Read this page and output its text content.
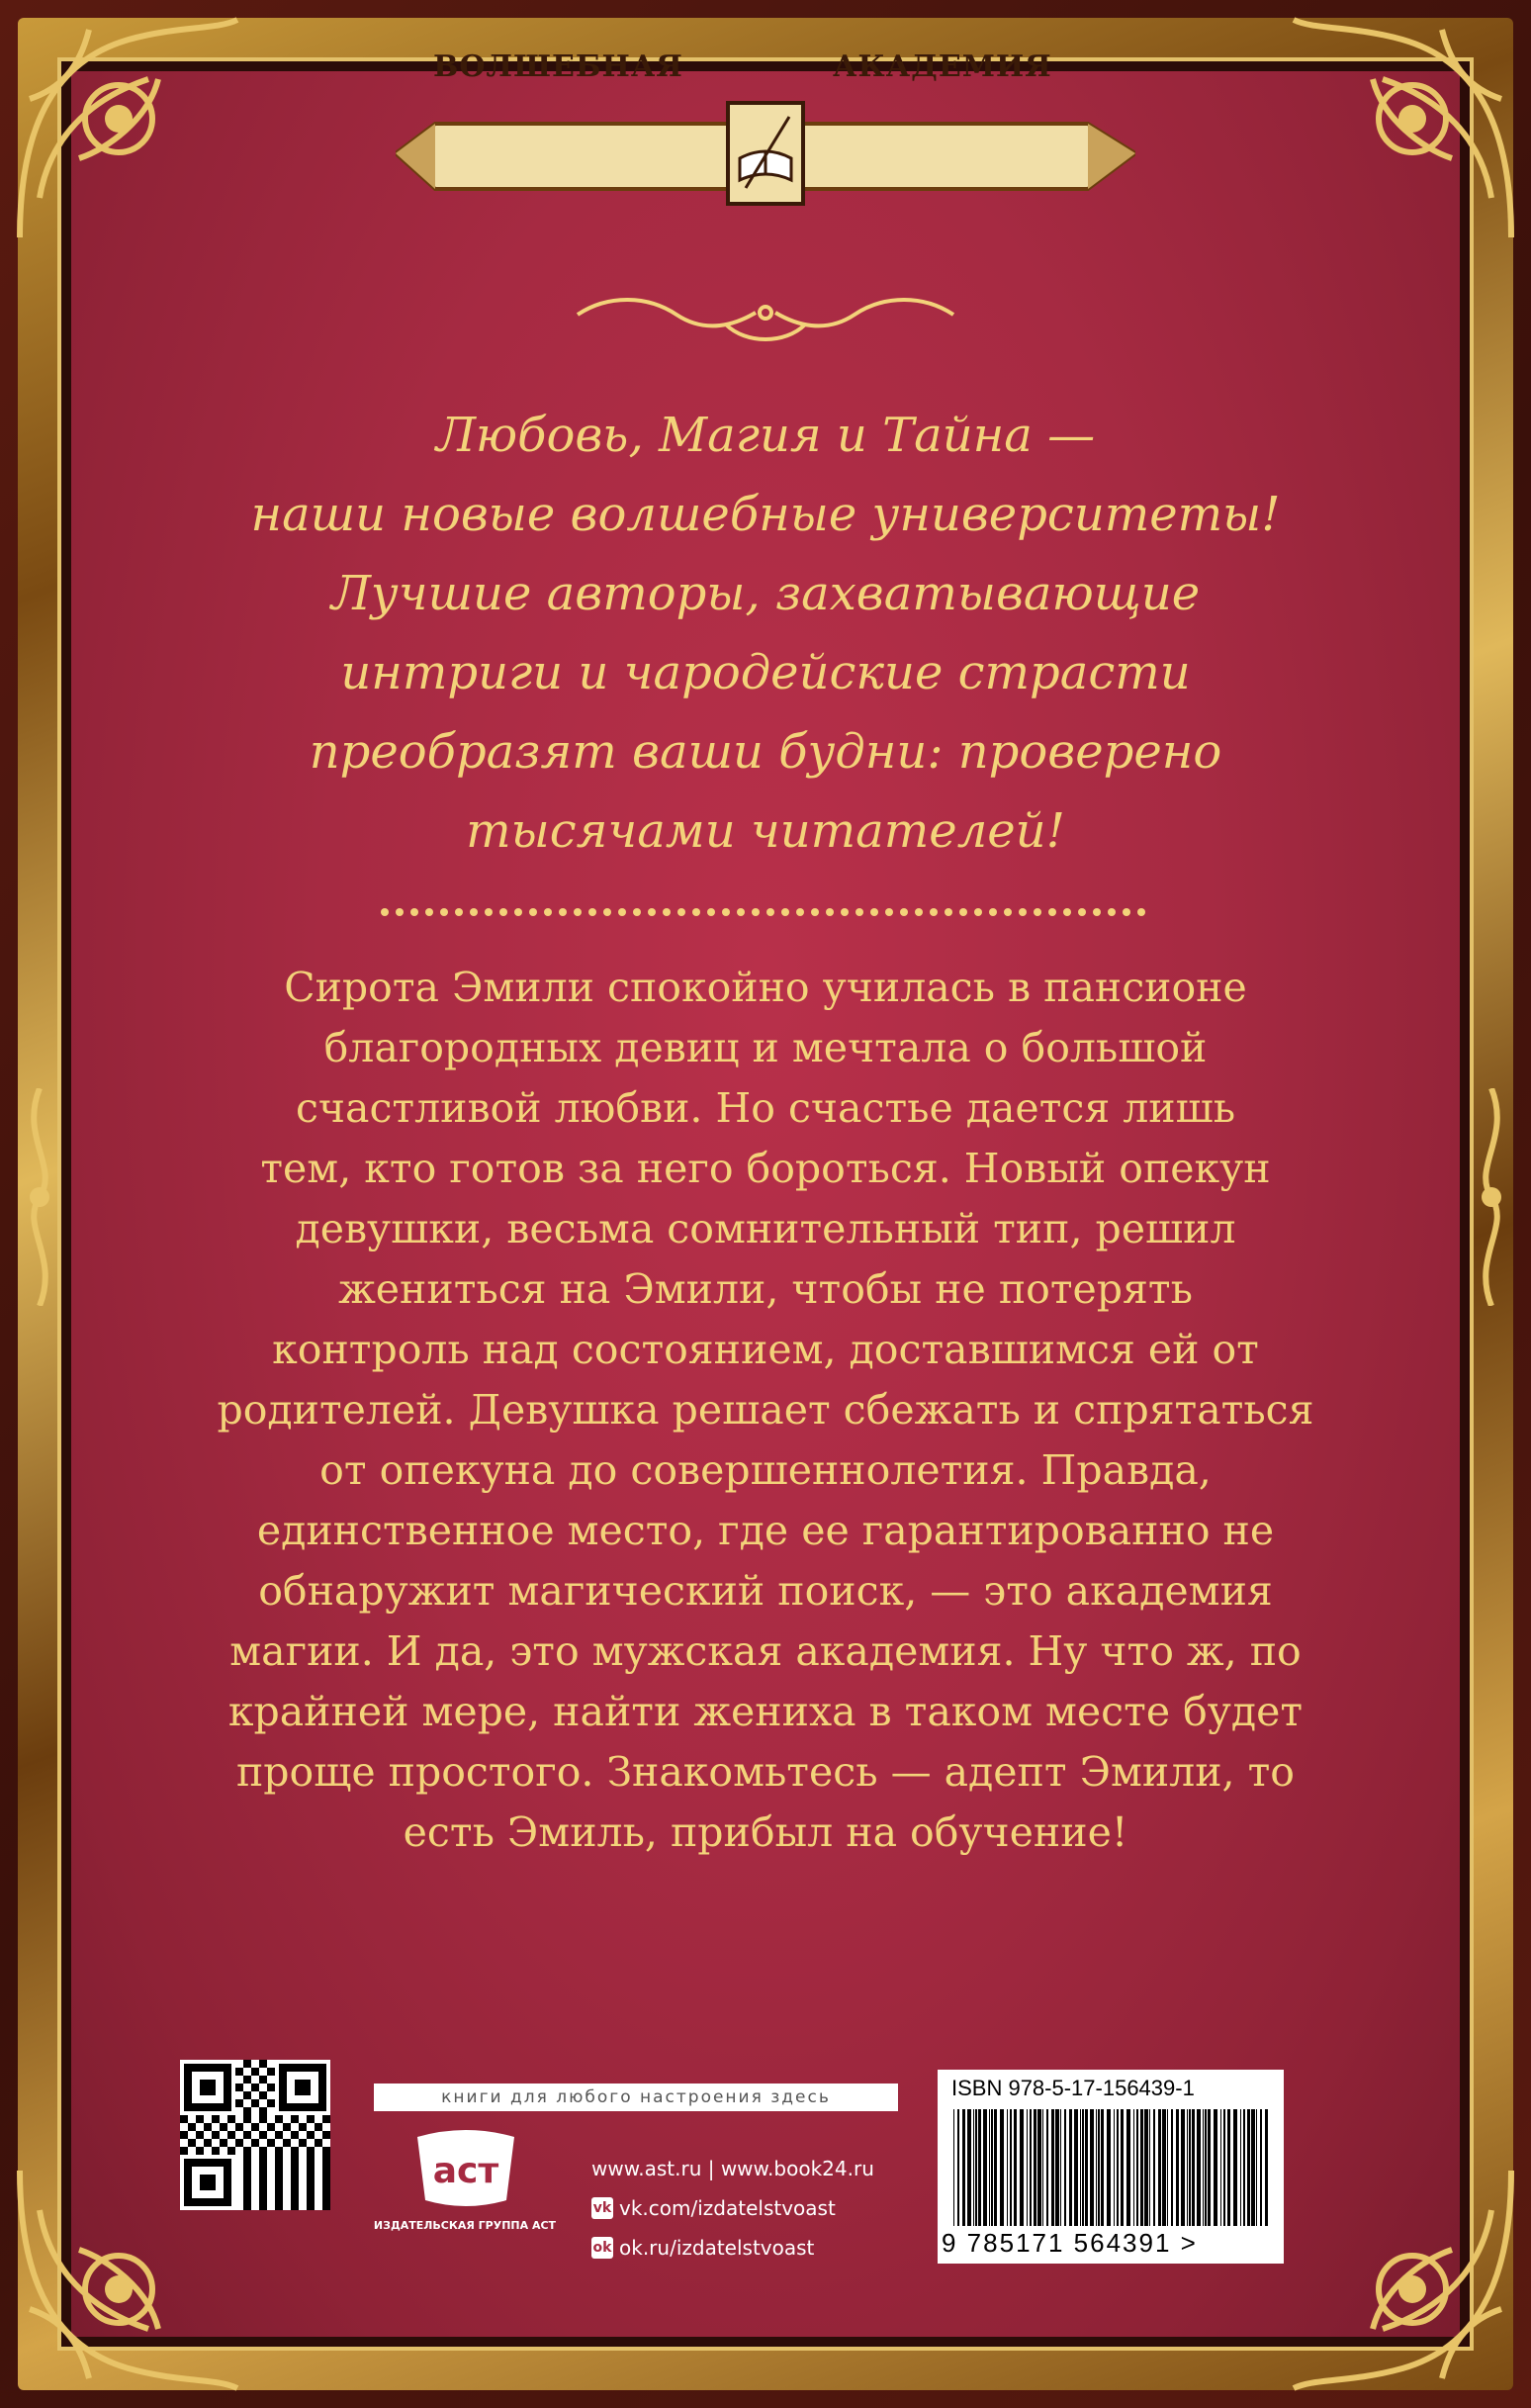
ВОЛШЕБНАЯ	АКАДЕМИЯ
Любовь, Магия и Тайна —
наши новые волшебные университеты!
Лучшие авторы, захватывающие
интриги и чародейские страсти
преобразят ваши будни: проверено
тысячами читателей!
Сирота Эмили спокойно училась в пансионе
благородных девиц и мечтала о большой
счастливой любви. Но счастье дается лишь
тем, кто готов за него бороться. Новый опекун
девушки, весьма сомнительный тип, решил
жениться на Эмили, чтобы не потерять
контроль над состоянием, доставшимся ей от
родителей. Девушка решает сбежать и спрятаться
от опекуна до совершеннолетия. Правда,
единственное место, где ее гарантированно не
обнаружит магический поиск, — это академия
магии. И да, это мужская академия. Ну что ж, по
крайней мере, найти жениха в таком месте будет
проще простого. Знакомьтесь — адепт Эмили, то
есть Эмиль, прибыл на обучение!
книги для любого настроения здесь
аст
ИЗДАТЕЛЬСКАЯ ГРУППА АСТ
www.ast.ru | www.book24.ru
vk vk.com/izdatelstvoast
ok ok.ru/izdatelstvoast
ISBN 978-5-17-156439-1
9 785171 564391 >
